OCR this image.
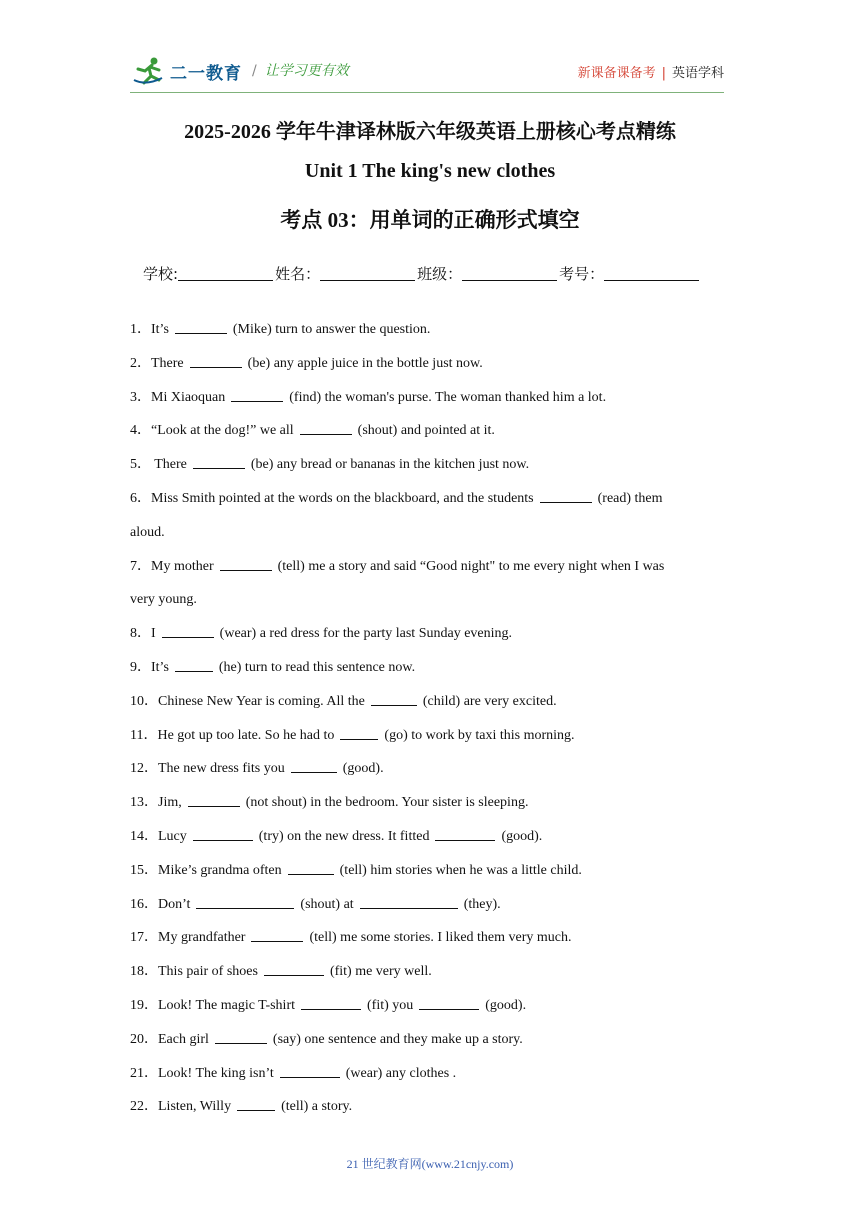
二一教育 / 让学习更有效	新课备课备考 | 英语学科
2025-2026 学年牛津译林版六年级英语上册核心考点精练
Unit 1 The king's new clothes
考点 03：用单词的正确形式填空
学校:	姓名：	班级：	考号：
1．It’s	(Mike) turn to answer the question.
2．There	(be) any apple juice in the bottle just now.
3．Mi Xiaoquan	(find) the woman's purse. The woman thanked him a lot.
4．“Look at the dog!” we all	(shout) and pointed at it.
5． There	(be) any bread or bananas in the kitchen just now.
6．Miss Smith pointed at the words on the blackboard, and the students	(read) them
aloud.
7．My mother	(tell) me a story and said “Good night" to me every night when I was
very young.
8．I	(wear) a red dress for the party last Sunday evening.
9．It’s	(he) turn to read this sentence now.
10．Chinese New Year is coming. All the	(child) are very excited.
11．He got up too late. So he had to	(go) to work by taxi this morning.
12．The new dress fits you	(good).
13．Jim,	(not shout) in the bedroom. Your sister is sleeping.
14．Lucy	(try) on the new dress. It fitted	(good).
15．Mike’s grandma often	(tell) him stories when he was a little child.
16．Don’t	(shout) at	(they).
17．My grandfather	(tell) me some stories. I liked them very much.
18．This pair of shoes	(fit) me very well.
19．Look! The magic T-shirt	(fit) you	(good).
20．Each girl	(say) one sentence and they make up a story.
21．Look! The king isn’t	(wear) any clothes .
22．Listen, Willy	(tell) a story.
21 世纪教育网(www.21cnjy.com)
